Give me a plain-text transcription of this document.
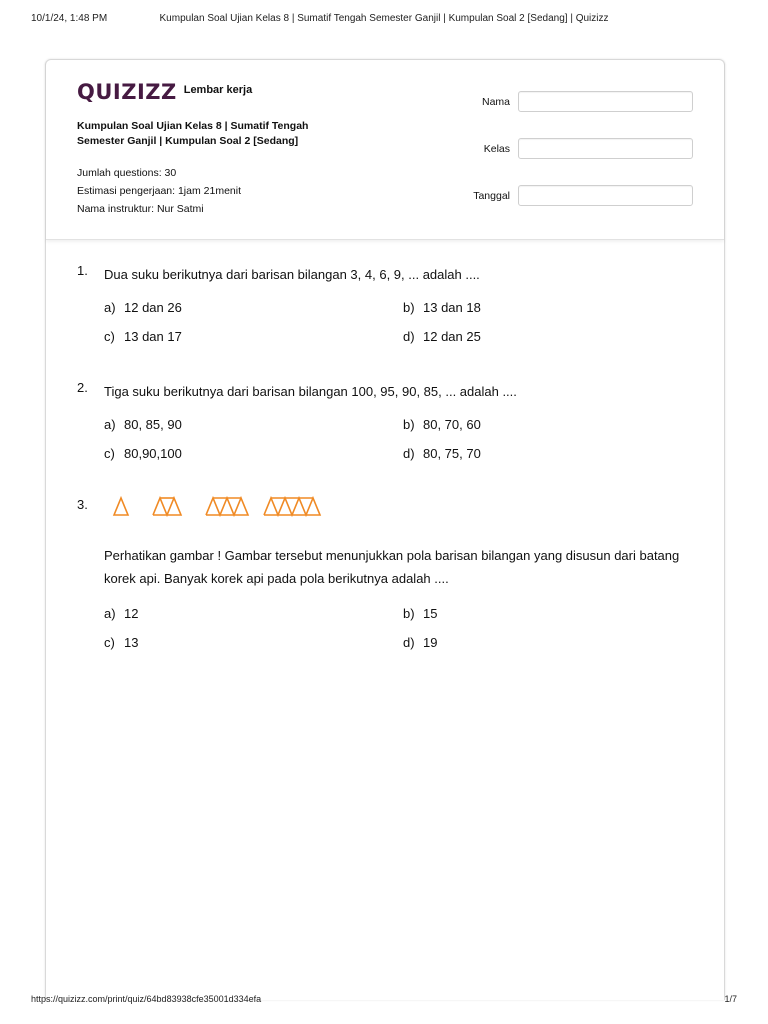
10/1/24, 1:48 PM	Kumpulan Soal Ujian Kelas 8 | Sumatif Tengah Semester Ganjil | Kumpulan Soal 2 [Sedang] | Quizizz
QUIZIZZ Lembar kerja
Kumpulan Soal Ujian Kelas 8 | Sumatif Tengah Semester Ganjil | Kumpulan Soal 2 [Sedang]
Jumlah questions: 30
Estimasi pengerjaan: 1jam 21menit
Nama instruktur: Nur Satmi
Nama
Kelas
Tanggal
1. Dua suku berikutnya dari barisan bilangan 3, 4, 6, 9, ... adalah ....
a) 12 dan 26	b) 13 dan 18
c) 13 dan 17	d) 12 dan 25
2. Tiga suku berikutnya dari barisan bilangan 100, 95, 90, 85, ... adalah ....
a) 80, 85, 90	b) 80, 70, 60
c) 80,90,100	d) 80, 75, 70
3.
Perhatikan gambar ! Gambar tersebut menunjukkan pola barisan bilangan yang disusun dari batang korek api. Banyak korek api pada pola berikutnya adalah ....
a) 12	b) 15
c) 13	d) 19
https://quizizz.com/print/quiz/64bd83938cfe35001d334efa	1/7
